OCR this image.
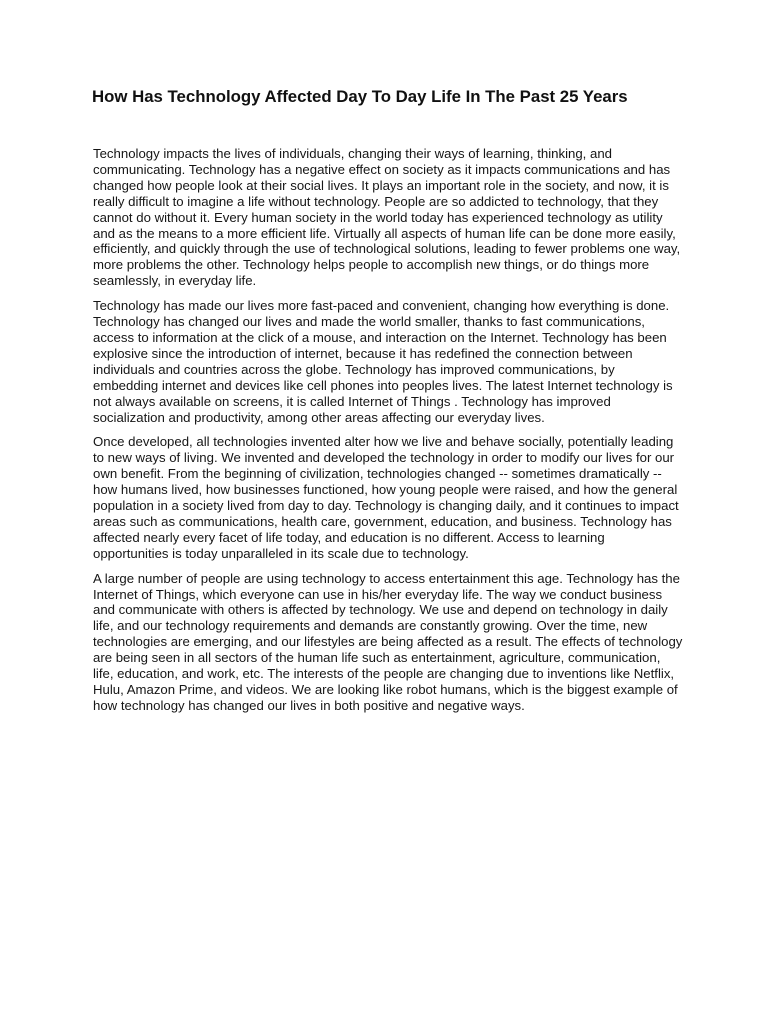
How Has Technology Affected Day To Day Life In The Past 25 Years

Technology impacts the lives of individuals, changing their ways of learning, thinking, and communicating. Technology has a negative effect on society as it impacts communications and has changed how people look at their social lives. It plays an important role in the society, and now, it is really difficult to imagine a life without technology. People are so addicted to technology, that they cannot do without it. Every human society in the world today has experienced technology as utility and as the means to a more efficient life. Virtually all aspects of human life can be done more easily, efficiently, and quickly through the use of technological solutions, leading to fewer problems one way, more problems the other. Technology helps people to accomplish new things, or do things more seamlessly, in everyday life.

Technology has made our lives more fast-paced and convenient, changing how everything is done. Technology has changed our lives and made the world smaller, thanks to fast communications, access to information at the click of a mouse, and interaction on the Internet. Technology has been explosive since the introduction of internet, because it has redefined the connection between individuals and countries across the globe. Technology has improved communications, by embedding internet and devices like cell phones into peoples lives. The latest Internet technology is not always available on screens, it is called Internet of Things . Technology has improved socialization and productivity, among other areas affecting our everyday lives.

Once developed, all technologies invented alter how we live and behave socially, potentially leading to new ways of living. We invented and developed the technology in order to modify our lives for our own benefit. From the beginning of civilization, technologies changed -- sometimes dramatically -- how humans lived, how businesses functioned, how young people were raised, and how the general population in a society lived from day to day. Technology is changing daily, and it continues to impact areas such as communications, health care, government, education, and business. Technology has affected nearly every facet of life today, and education is no different. Access to learning opportunities is today unparalleled in its scale due to technology.

A large number of people are using technology to access entertainment this age. Technology has the Internet of Things, which everyone can use in his/her everyday life. The way we conduct business and communicate with others is affected by technology. We use and depend on technology in daily life, and our technology requirements and demands are constantly growing. Over the time, new technologies are emerging, and our lifestyles are being affected as a result. The effects of technology are being seen in all sectors of the human life such as entertainment, agriculture, communication, life, education, and work, etc. The interests of the people are changing due to inventions like Netflix, Hulu, Amazon Prime, and videos. We are looking like robot humans, which is the biggest example of how technology has changed our lives in both positive and negative ways.
